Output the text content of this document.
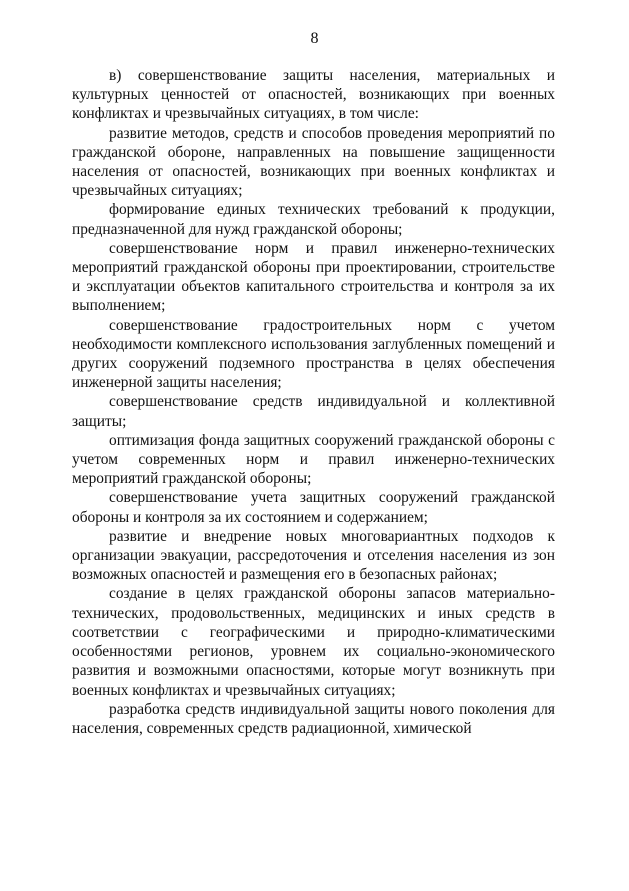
8

в) совершенствование защиты населения, материальных и культурных ценностей от опасностей, возникающих при военных конфликтах и чрезвычайных ситуациях, в том числе:

развитие методов, средств и способов проведения мероприятий по гражданской обороне, направленных на повышение защищенности населения от опасностей, возникающих при военных конфликтах и чрезвычайных ситуациях;

формирование единых технических требований к продукции, предназначенной для нужд гражданской обороны;

совершенствование норм и правил инженерно-технических мероприятий гражданской обороны при проектировании, строительстве и эксплуатации объектов капитального строительства и контроля за их выполнением;

совершенствование градостроительных норм с учетом необходимости комплексного использования заглубленных помещений и других сооружений подземного пространства в целях обеспечения инженерной защиты населения;

совершенствование средств индивидуальной и коллективной защиты;

оптимизация фонда защитных сооружений гражданской обороны с учетом современных норм и правил инженерно-технических мероприятий гражданской обороны;

совершенствование учета защитных сооружений гражданской обороны и контроля за их состоянием и содержанием;

развитие и внедрение новых многовариантных подходов к организации эвакуации, рассредоточения и отселения населения из зон возможных опасностей и размещения его в безопасных районах;

создание в целях гражданской обороны запасов материально-технических, продовольственных, медицинских и иных средств в соответствии с географическими и природно-климатическими особенностями регионов, уровнем их социально-экономического развития и возможными опасностями, которые могут возникнуть при военных конфликтах и чрезвычайных ситуациях;

разработка средств индивидуальной защиты нового поколения для населения, современных средств радиационной, химической
